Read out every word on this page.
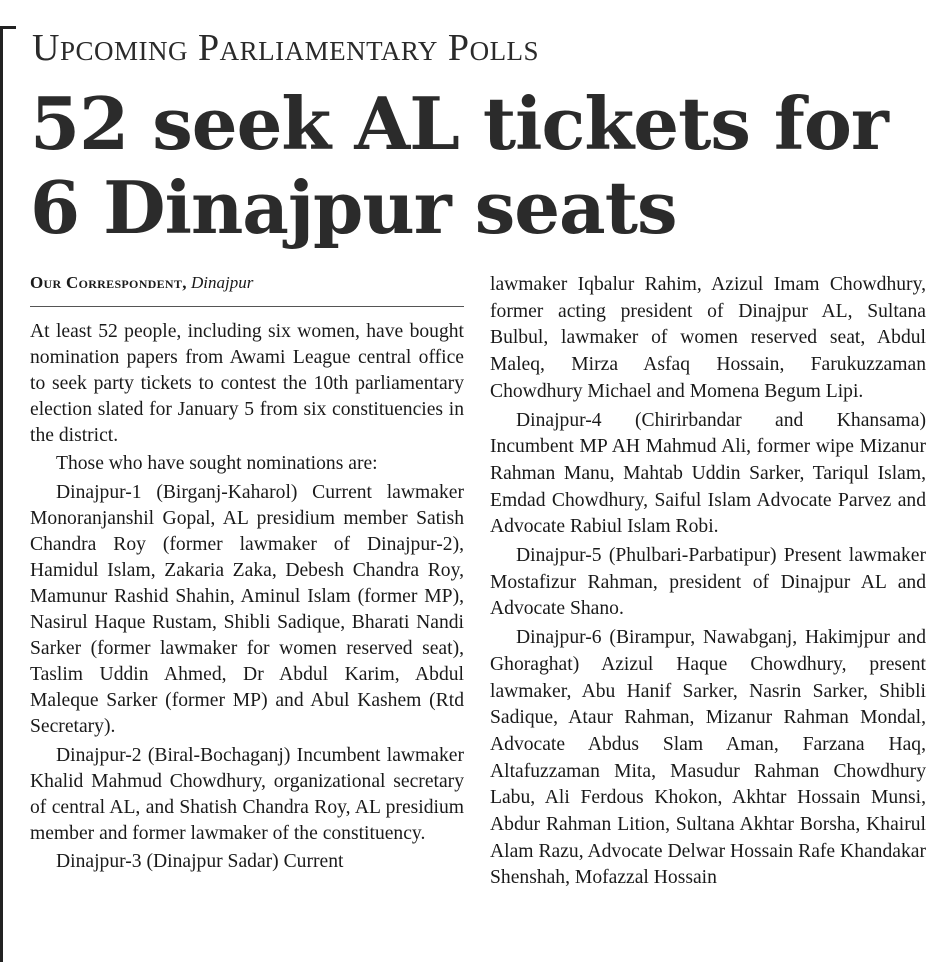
Upcoming Parliamentary Polls
52 seek AL tickets for
6 Dinajpur seats
Our Correspondent, Dinajpur

At least 52 people, including six women, have bought nomination papers from Awami League central office to seek party tickets to contest the 10th parliamentary election slated for January 5 from six constituencies in the district.

Those who have sought nominations are:

Dinajpur-1 (Birganj-Kaharol) Current lawmaker Monoranjanshil Gopal, AL presidium member Satish Chandra Roy (former lawmaker of Dinajpur-2), Hamidul Islam, Zakaria Zaka, Debesh Chandra Roy, Mamunur Rashid Shahin, Aminul Islam (former MP), Nasirul Haque Rustam, Shibli Sadique, Bharati Nandi Sarker (former lawmaker for women reserved seat), Taslim Uddin Ahmed, Dr Abdul Karim, Abdul Maleque Sarker (former MP) and Abul Kashem (Rtd Secretary).

Dinajpur-2 (Biral-Bochaganj) Incumbent lawmaker Khalid Mahmud Chowdhury, organizational secretary of central AL, and Shatish Chandra Roy, AL presidium member and former lawmaker of the constituency.

Dinajpur-3 (Dinajpur Sadar) Current

lawmaker Iqbalur Rahim, Azizul Imam Chowdhury, former acting president of Dinajpur AL, Sultana Bulbul, lawmaker of women reserved seat, Abdul Maleq, Mirza Asfaq Hossain, Farukuzzaman Chowdhury Michael and Momena Begum Lipi.

Dinajpur-4 (Chirirbandar and Khansama) Incumbent MP AH Mahmud Ali, former wipe Mizanur Rahman Manu, Mahtab Uddin Sarker, Tariqul Islam, Emdad Chowdhury, Saiful Islam Advocate Parvez and Advocate Rabiul Islam Robi.

Dinajpur-5 (Phulbari-Parbatipur) Present lawmaker Mostafizur Rahman, president of Dinajpur AL and Advocate Shano.

Dinajpur-6 (Birampur, Nawabganj, Hakimjpur and Ghoraghat) Azizul Haque Chowdhury, present lawmaker, Abu Hanif Sarker, Nasrin Sarker, Shibli Sadique, Ataur Rahman, Mizanur Rahman Mondal, Advocate Abdus Slam Aman, Farzana Haq, Altafuzzaman Mita, Masudur Rahman Chowdhury Labu, Ali Ferdous Khokon, Akhtar Hossain Munsi, Abdur Rahman Lition, Sultana Akhtar Borsha, Khairul Alam Razu, Advocate Delwar Hossain Rafe Khandakar Shenshah, Mofazzal Hossain
